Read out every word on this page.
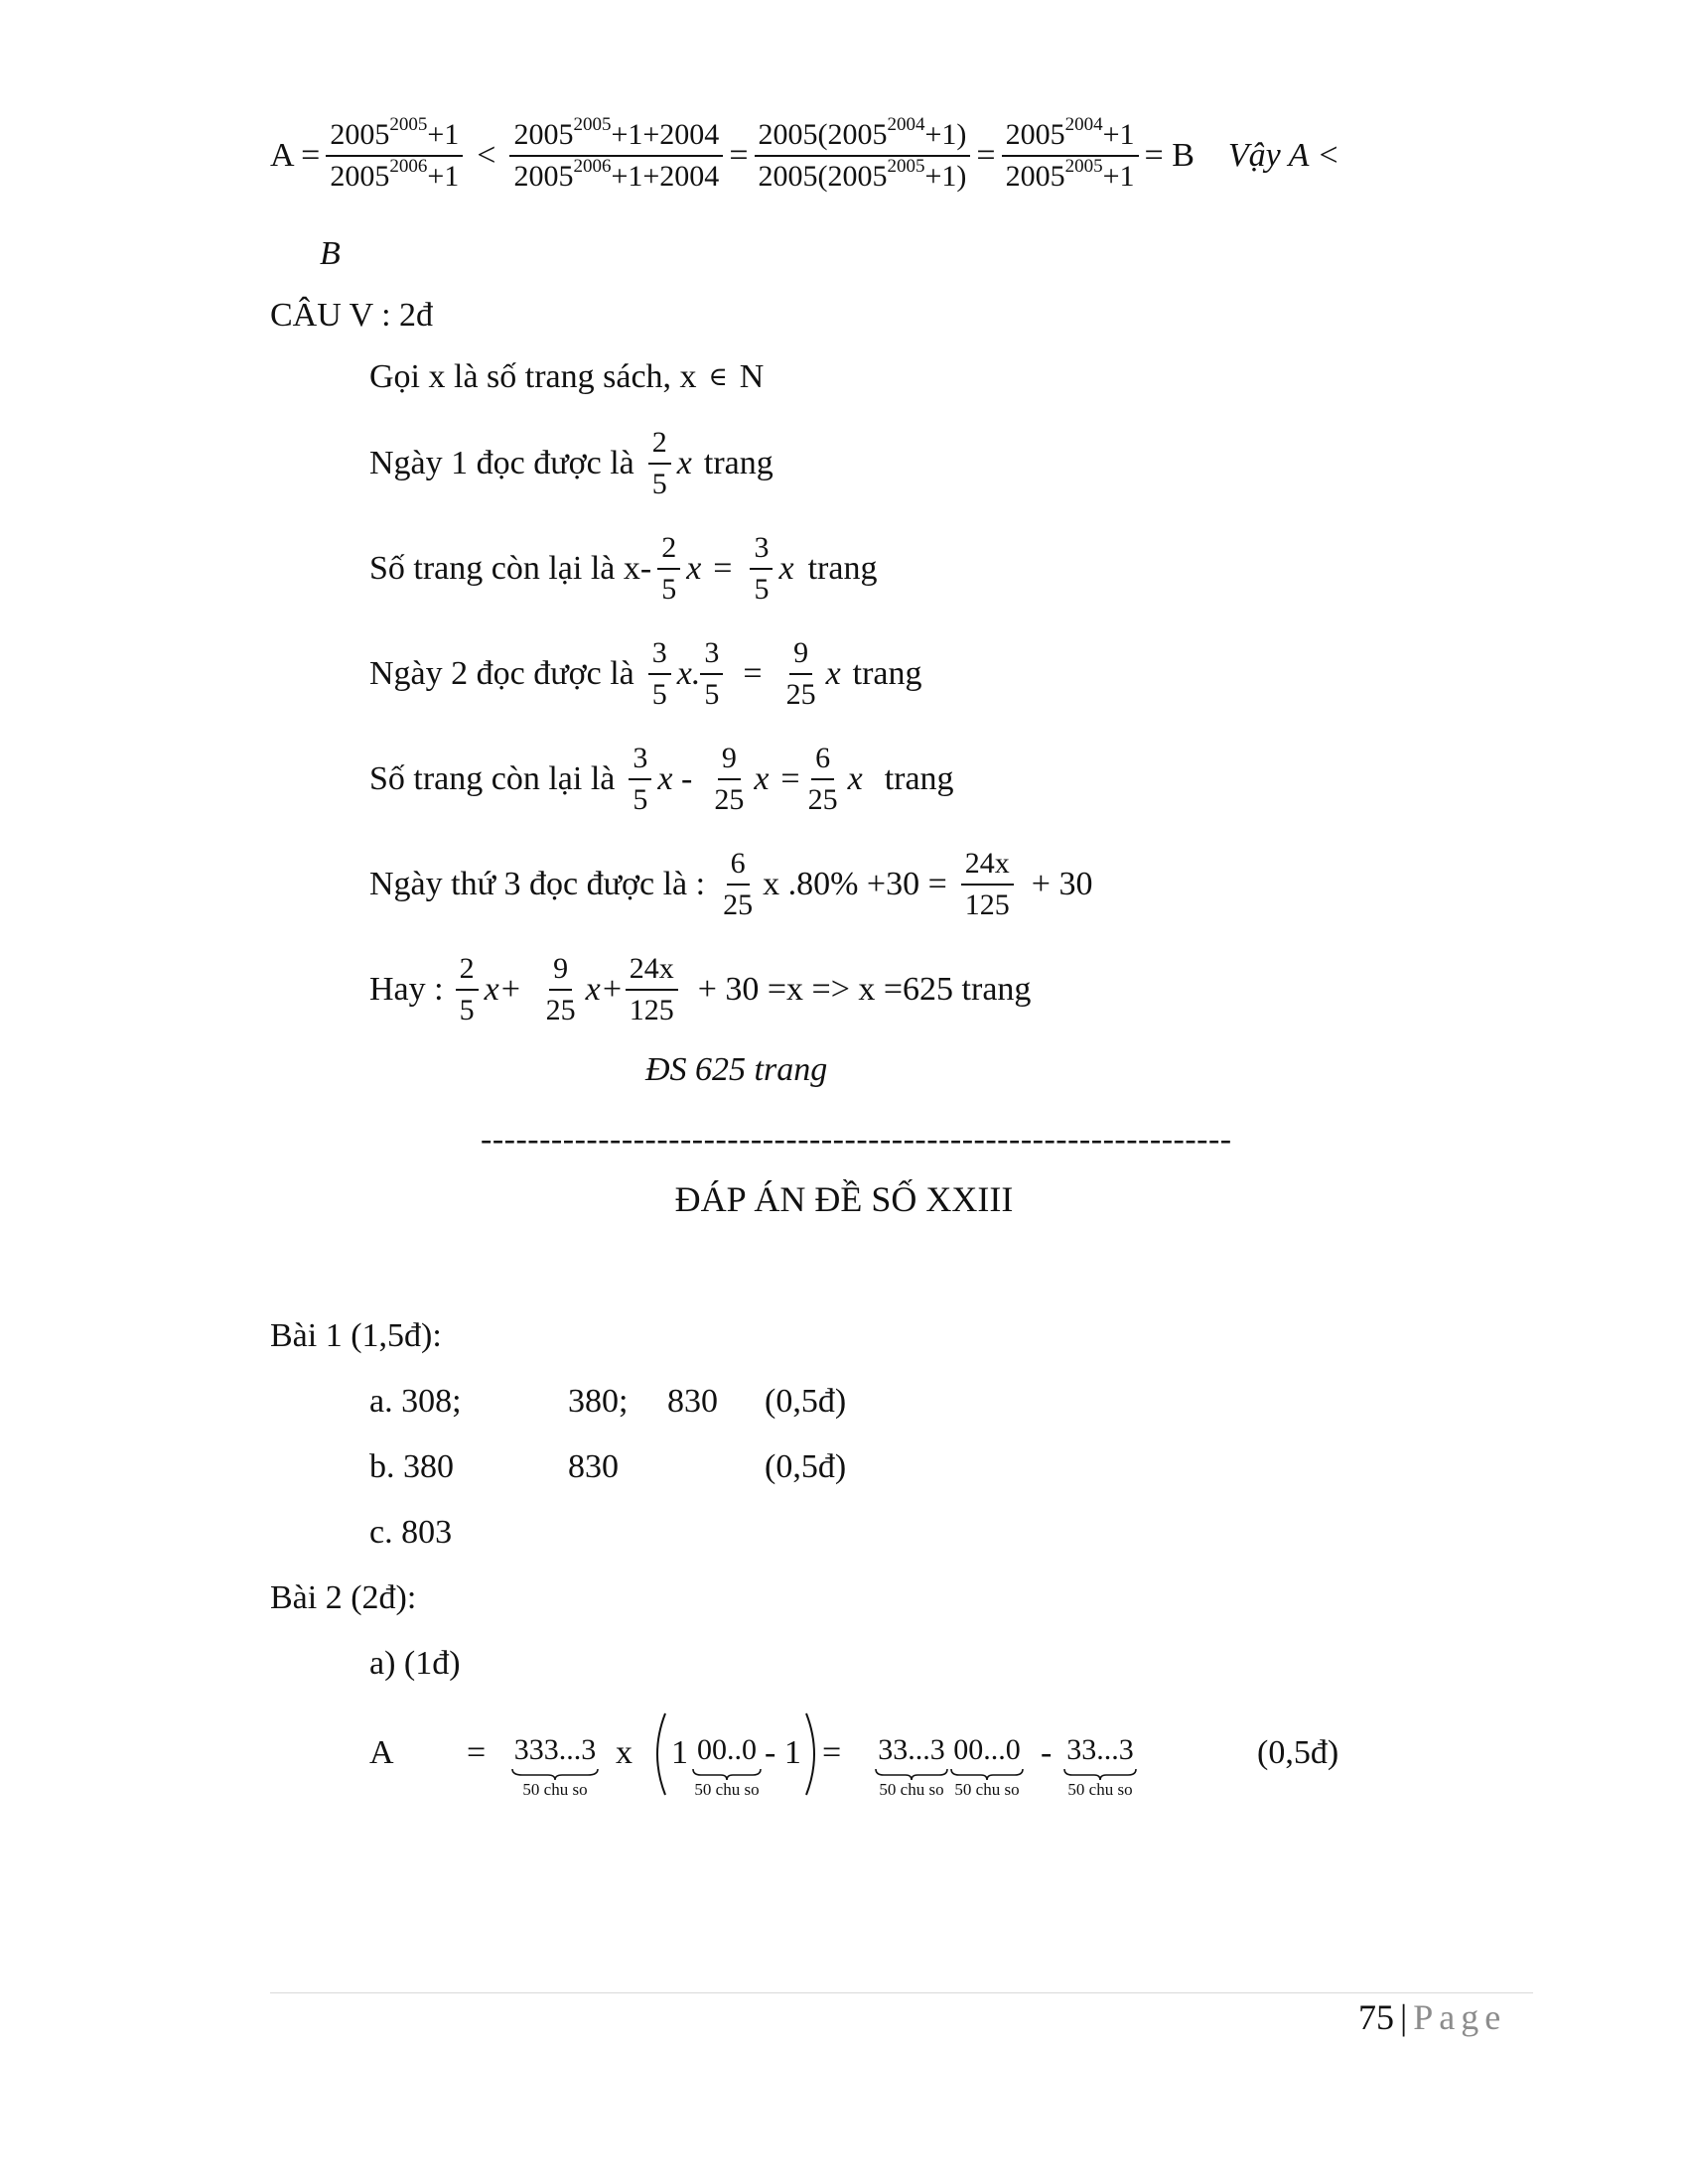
$A = \frac{2005^{2005}+1}{2005^{2006}+1} < \frac{2005^{2005}+1+2004}{2005^{2006}+1+2004} = \frac{2005(2005^{2004}+1)}{2005(2005^{2005}+1)} = \frac{2005^{2004}+1}{2005^{2005}+1} = B$ Vậy A <
B
CÂU V : 2đ
Gọi x là số trang sách, x ∈ N
Ngày 1 đọc được là $\frac{2}{5}$ x trang
Số trang còn lại là $x- \frac{2}{5}$ $x = \frac{3}{5}$ x trang
Ngày 2 đọc được là $\frac{3}{5} x$. $\frac{3}{5} = \frac{9}{25}$ x trang
Số trang còn lại là $\frac{3}{5}$ x - $\frac{9}{25}$ $x = \frac{6}{25}$ x trang
Ngày thứ 3 đọc được là : $\frac{6}{25}$ x $.80\% +30 = \frac{24x}{125} + 30$
Hay : $\frac{2}{5} x+ \frac{9}{25} x+ \frac{24x}{125} + 30 =x => x =625$ trang
ĐS 625 trang
----------------------------------------------------------------
ĐÁP ÁN ĐỀ SỐ XXIII
Bài 1 (1,5đ):
a. 308;	380; 830 (0,5đ)
b. 380	830	(0,5đ)
c. 803
Bài 2 (2đ):
a) (1đ)
A = 333...3
50 chu so
x 1 00..0
50 chu so
- 1 = 33...3
50 chu so
00...0
50 chu so
- 33...3
50 chu so
(0,5đ)
75 | Page
